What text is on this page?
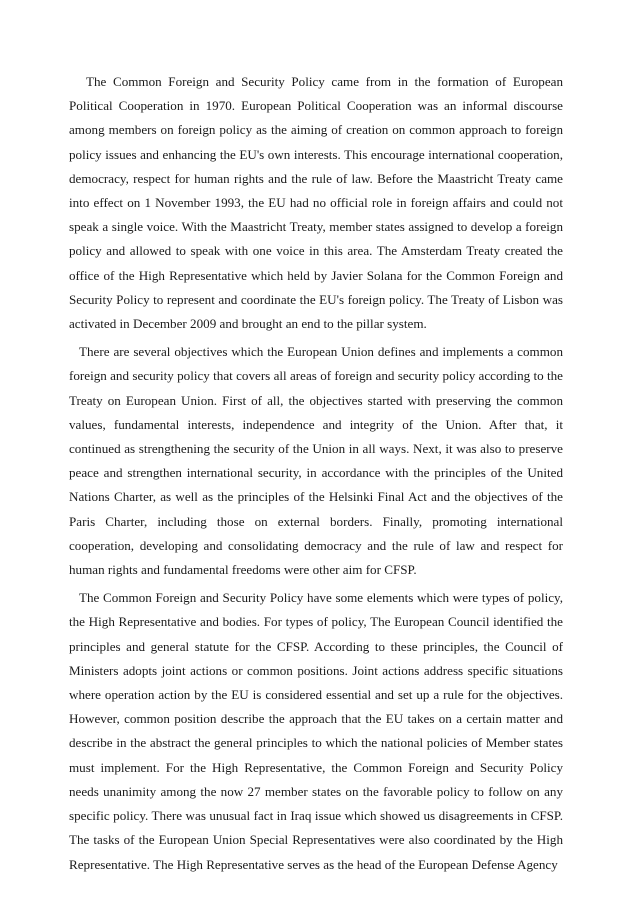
The Common Foreign and Security Policy came from in the formation of European Political Cooperation in 1970. European Political Cooperation was an informal discourse among members on foreign policy as the aiming of creation on common approach to foreign policy issues and enhancing the EU's own interests. This encourage international cooperation, democracy, respect for human rights and the rule of law. Before the Maastricht Treaty came into effect on 1 November 1993, the EU had no official role in foreign affairs and could not speak a single voice. With the Maastricht Treaty, member states assigned to develop a foreign policy and allowed to speak with one voice in this area. The Amsterdam Treaty created the office of the High Representative which held by Javier Solana for the Common Foreign and Security Policy to represent and coordinate the EU's foreign policy. The Treaty of Lisbon was activated in December 2009 and brought an end to the pillar system.

There are several objectives which the European Union defines and implements a common foreign and security policy that covers all areas of foreign and security policy according to the Treaty on European Union. First of all, the objectives started with preserving the common values, fundamental interests, independence and integrity of the Union. After that, it continued as strengthening the security of the Union in all ways. Next, it was also to preserve peace and strengthen international security, in accordance with the principles of the United Nations Charter, as well as the principles of the Helsinki Final Act and the objectives of the Paris Charter, including those on external borders. Finally, promoting international cooperation, developing and consolidating democracy and the rule of law and respect for human rights and fundamental freedoms were other aim for CFSP.

The Common Foreign and Security Policy have some elements which were types of policy, the High Representative and bodies. For types of policy, The European Council identified the principles and general statute for the CFSP. According to these principles, the Council of Ministers adopts joint actions or common positions. Joint actions address specific situations where operation action by the EU is considered essential and set up a rule for the objectives. However, common position describe the approach that the EU takes on a certain matter and describe in the abstract the general principles to which the national policies of Member states must implement. For the High Representative, the Common Foreign and Security Policy needs unanimity among the now 27 member states on the favorable policy to follow on any specific policy. There was unusual fact in Iraq issue which showed us disagreements in CFSP. The tasks of the European Union Special Representatives were also coordinated by the High Representative. The High Representative serves as the head of the European Defense Agency
